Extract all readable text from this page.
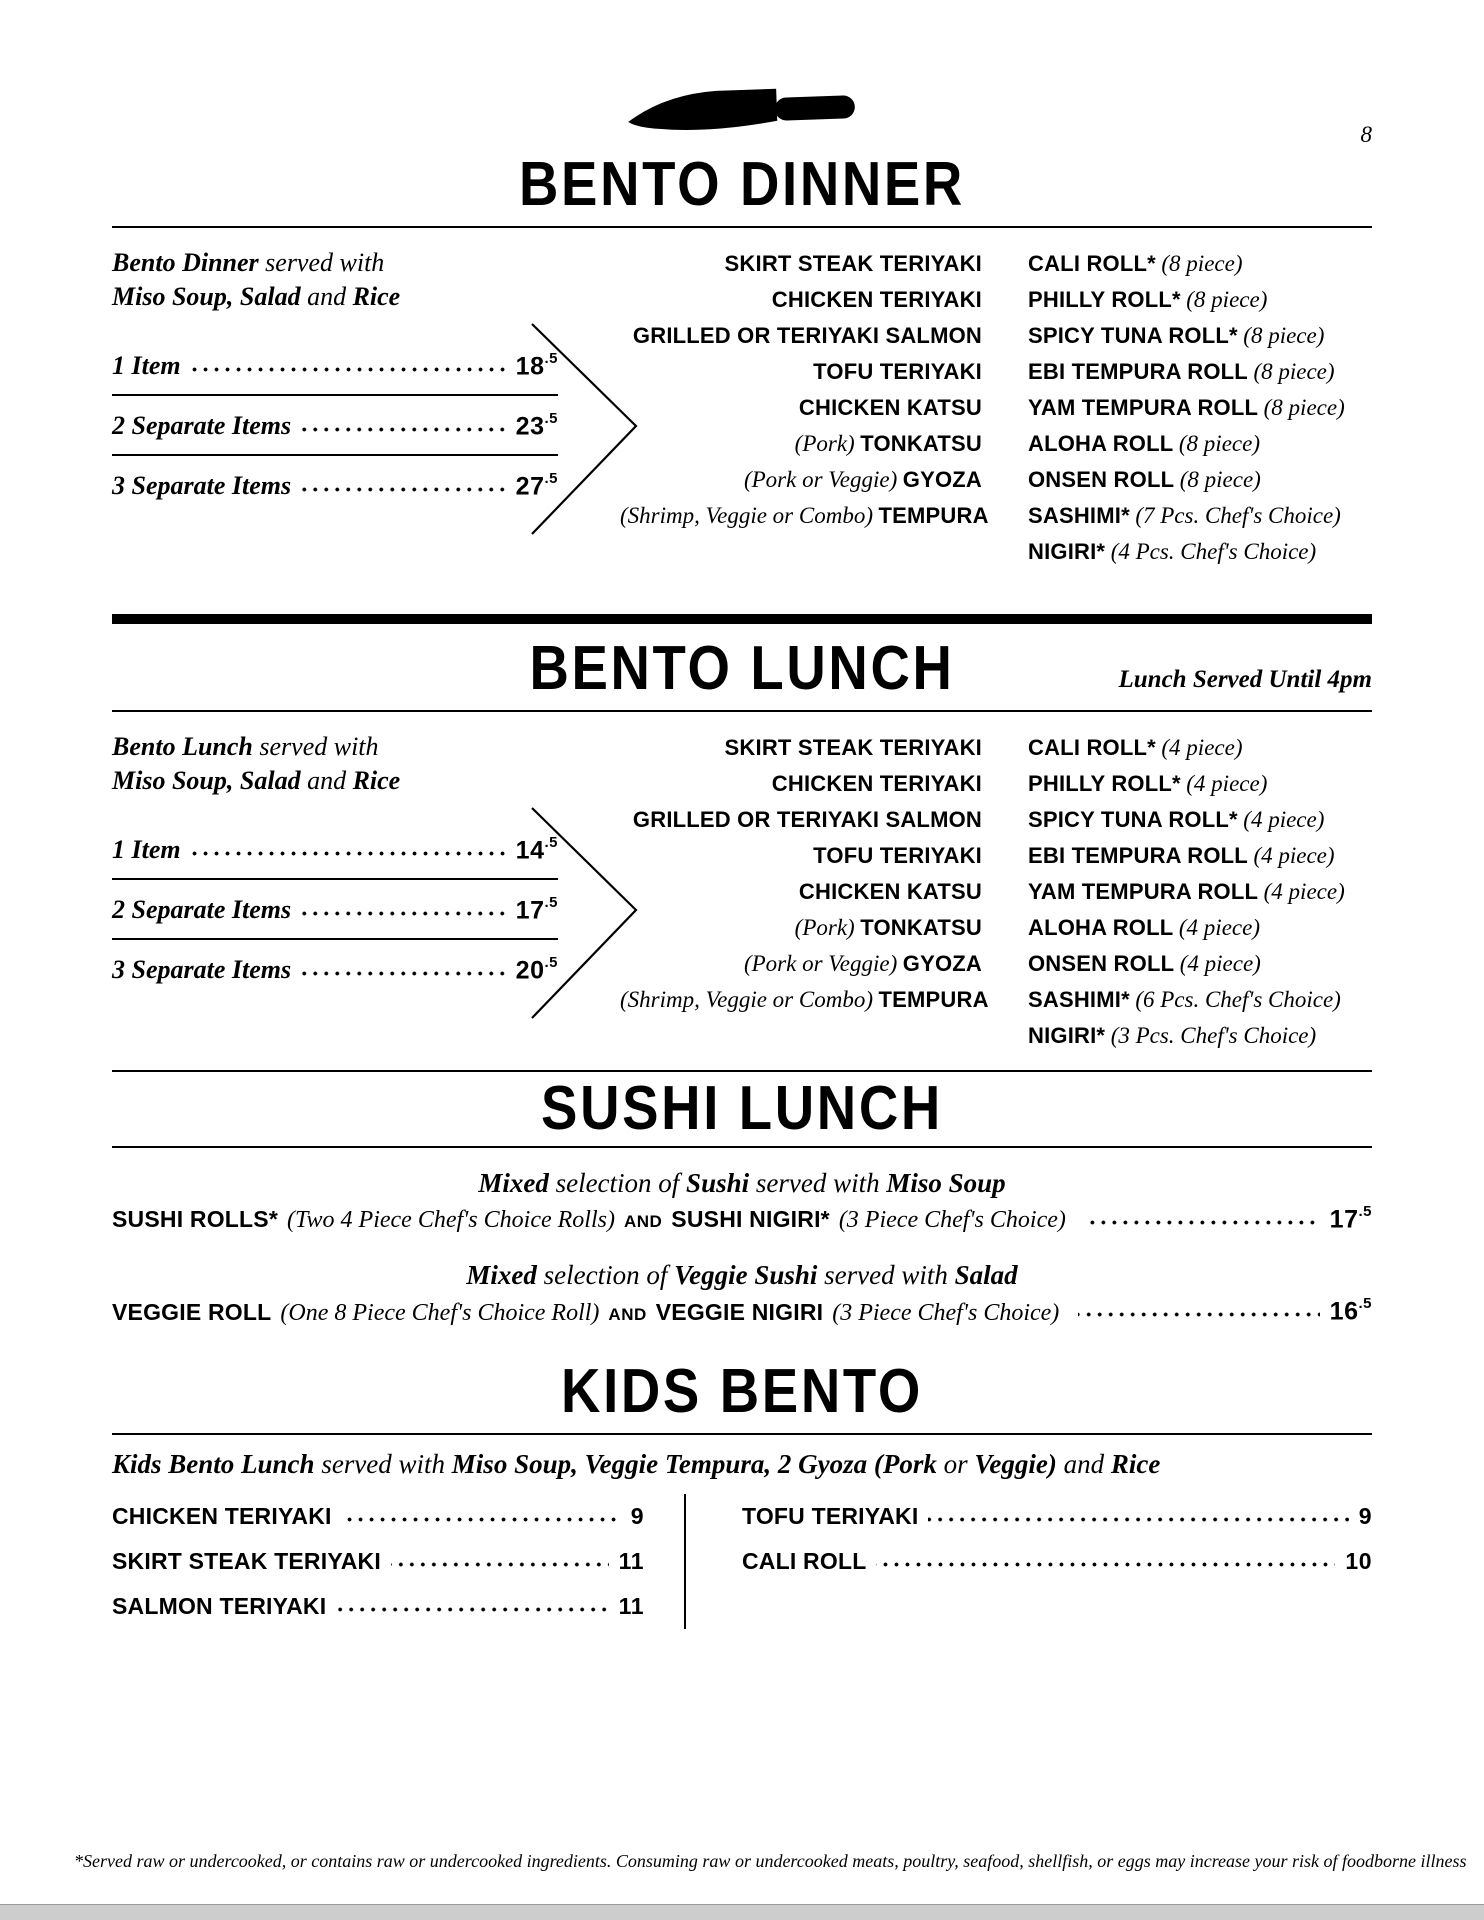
8
BENTO DINNER
Bento Dinner served with
Miso Soup, Salad and Rice
1 Item	$18^{.5}$
2 Separate Items	$23^{.5}$
3 Separate Items	$27^{.5}$
SKIRT STEAK TERIYAKI
CHICKEN TERIYAKI
GRILLED OR TERIYAKI SALMON
TOFU TERIYAKI
CHICKEN KATSU
(Pork) TONKATSU
(Pork or Veggie) GYOZA
(Shrimp, Veggie or Combo) TEMPURA
CALI ROLL* (8 piece)
PHILLY ROLL* (8 piece)
SPICY TUNA ROLL* (8 piece)
EBI TEMPURA ROLL (8 piece)
YAM TEMPURA ROLL (8 piece)
ALOHA ROLL (8 piece)
ONSEN ROLL (8 piece)
SASHIMI* (7 Pcs. Chef's Choice)
NIGIRI* (4 Pcs. Chef's Choice)
BENTO LUNCH	Lunch Served Until 4pm
Bento Lunch served with
Miso Soup, Salad and Rice
1 Item	$14^{.5}$
2 Separate Items	$17^{.5}$
3 Separate Items	$20^{.5}$
SKIRT STEAK TERIYAKI
CHICKEN TERIYAKI
GRILLED OR TERIYAKI SALMON
TOFU TERIYAKI
CHICKEN KATSU
(Pork) TONKATSU
(Pork or Veggie) GYOZA
(Shrimp, Veggie or Combo) TEMPURA
CALI ROLL* (4 piece)
PHILLY ROLL* (4 piece)
SPICY TUNA ROLL* (4 piece)
EBI TEMPURA ROLL (4 piece)
YAM TEMPURA ROLL (4 piece)
ALOHA ROLL (4 piece)
ONSEN ROLL (4 piece)
SASHIMI* (6 Pcs. Chef's Choice)
NIGIRI* (3 Pcs. Chef's Choice)
SUSHI LUNCH

Mixed selection of Sushi served with Miso Soup

SUSHI ROLLS* (Two 4 Piece Chef's Choice Rolls) AND SUSHI NIGIRI* (3 Piece Chef's Choice)	$17^{.5}$

Mixed selection of Veggie Sushi served with Salad

VEGGIE ROLL (One 8 Piece Chef's Choice Roll) AND VEGGIE NIGIRI (3 Piece Chef's Choice)	$16^{.5}$
KIDS BENTO

Kids Bento Lunch served with Miso Soup, Veggie Tempura, 2 Gyoza (Pork or Veggie) and Rice

CHICKEN TERIYAKI	9
SKIRT STEAK TERIYAKI	11
SALMON TERIYAKI	11
TOFU TERIYAKI	9
CALI ROLL	10
*Served raw or undercooked, or contains raw or undercooked ingredients. Consuming raw or undercooked meats, poultry, seafood, shellfish, or eggs may increase your risk of foodborne illness
